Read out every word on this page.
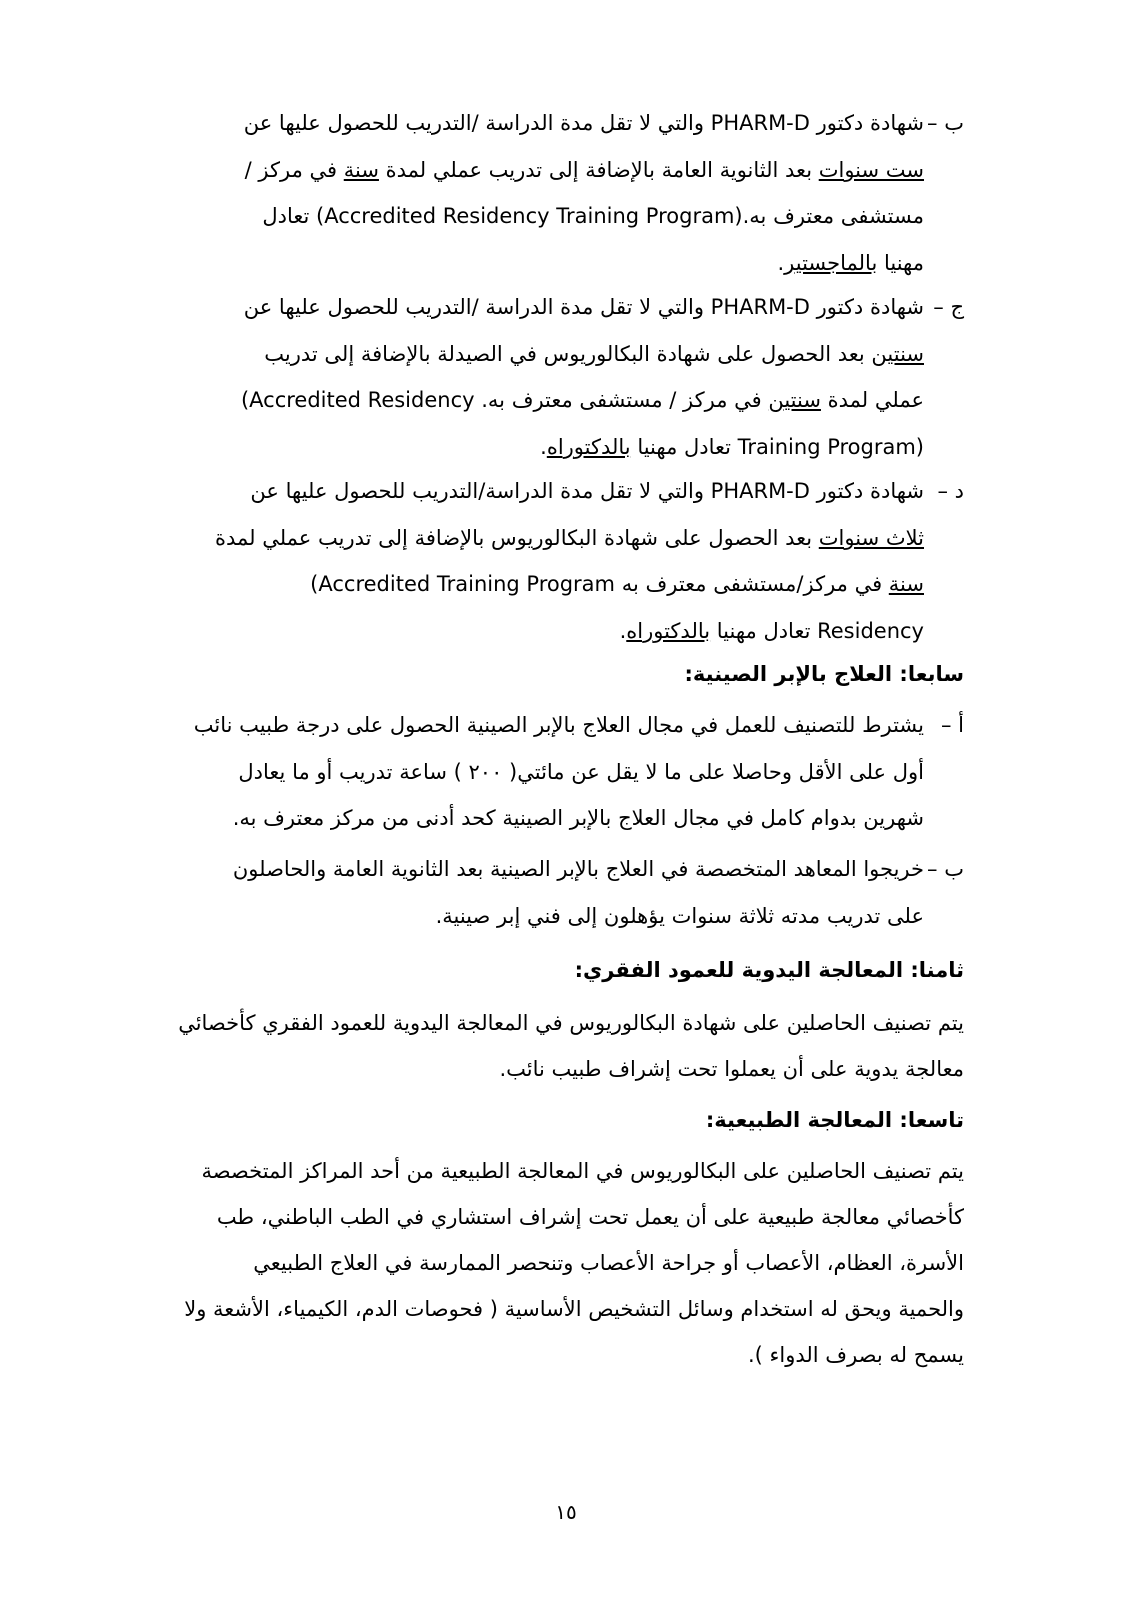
ب –شهادة دكتور PHARM-D والتي لا تقل مدة الدراسة /التدريب للحصول عليها عن
ست سنوات بعد الثانوية العامة بالإضافة إلى تدريب عملي لمدة سنة في مركز /
مستشفى معترف به.(Accredited Residency Training Program) تعادل
مهنيا بالماجستير.
ج –شهادة دكتور PHARM-D والتي لا تقل مدة الدراسة /التدريب للحصول عليها عن
سنتين بعد الحصول على شهادة البكالوريوس في الصيدلة بالإضافة إلى تدريب
عملي لمدة سنتين في مركز / مستشفى معترف به. (Accredited Residency
Training Program) تعادل مهنيا بالدكتوراه.
د –شهادة دكتور PHARM-D والتي لا تقل مدة الدراسة/التدريب للحصول عليها عن
ثلاث سنوات بعد الحصول على شهادة البكالوريوس بالإضافة إلى تدريب عملي لمدة
سنة في مركز/مستشفى معترف به (Accredited Training Program
Residency تعادل مهنيا بالدكتوراه.
سابعا: العلاج بالإبر الصينية:
أ –يشترط للتصنيف للعمل في مجال العلاج بالإبر الصينية الحصول على درجة طبيب نائب
أول على الأقل وحاصلا على ما لا يقل عن مائتي( ٢٠٠ ) ساعة تدريب أو ما يعادل
شهرين بدوام كامل في مجال العلاج بالإبر الصينية كحد أدنى من مركز معترف به.
ب –خريجوا المعاهد المتخصصة في العلاج بالإبر الصينية بعد الثانوية العامة والحاصلون
على تدريب مدته ثلاثة سنوات يؤهلون إلى فني إبر صينية.
ثامنا: المعالجة اليدوية للعمود الفقري:
يتم تصنيف الحاصلين على شهادة البكالوريوس في المعالجة اليدوية للعمود الفقري كأخصائي
معالجة يدوية على أن يعملوا تحت إشراف طبيب نائب.
تاسعا: المعالجة الطبيعية:
يتم تصنيف الحاصلين على البكالوريوس في المعالجة الطبيعية من أحد المراكز المتخصصة
كأخصائي معالجة طبيعية على أن يعمل تحت إشراف استشاري في الطب الباطني، طب
الأسرة، العظام، الأعصاب أو جراحة الأعصاب وتنحصر الممارسة في العلاج الطبيعي
والحمية ويحق له استخدام وسائل التشخيص الأساسية ( فحوصات الدم، الكيمياء، الأشعة ولا
يسمح له بصرف الدواء ).
١٥
